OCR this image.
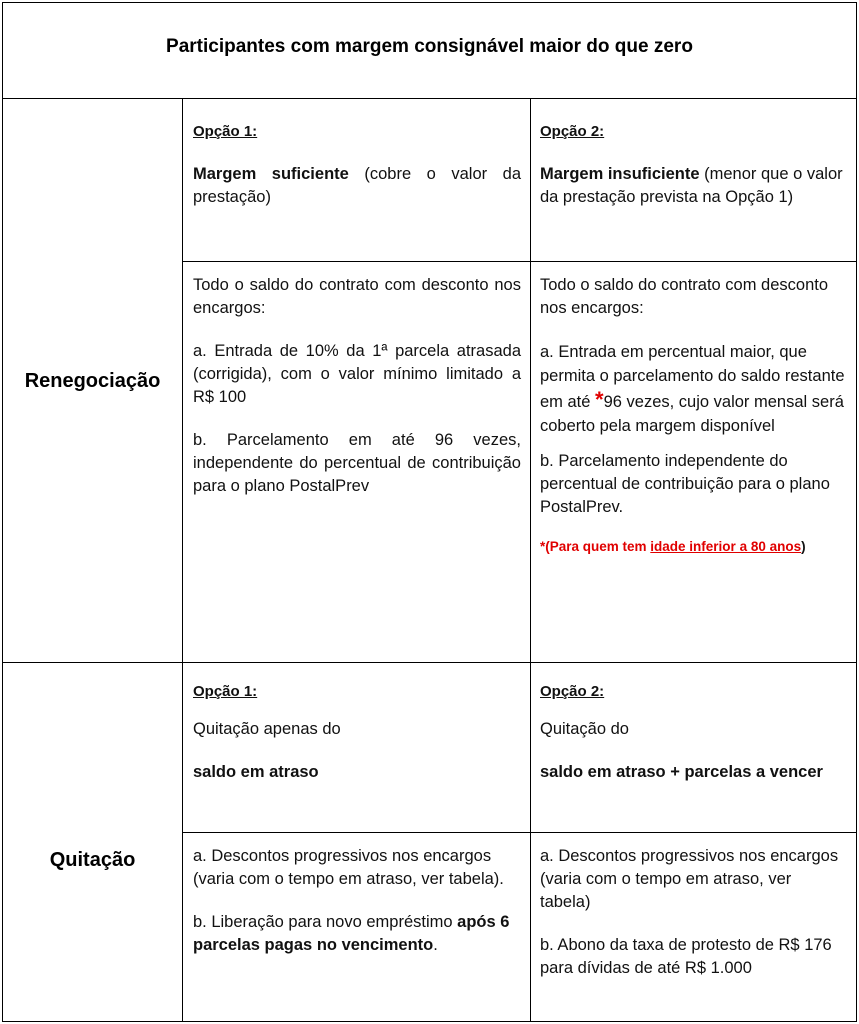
Participantes com margem consignável maior do que zero
Renegociação
Quitação

Opção 1:

Margem suficiente (cobre o valor da prestação)

Opção 2:

Margem insuficiente (menor que o valor da prestação prevista na Opção 1)

Todo o saldo do contrato com desconto nos encargos:

a. Entrada de 10% da 1ª parcela atrasada (corrigida), com o valor mínimo limitado a R$ 100

b. Parcelamento em até 96 vezes, independente do percentual de contribuição para o plano PostalPrev

Todo o saldo do contrato com desconto nos encargos:

a. Entrada em percentual maior, que permita o parcelamento do saldo restante em até *96 vezes, cujo valor mensal será coberto pela margem disponível

b. Parcelamento independente do percentual de contribuição para o plano PostalPrev.

*(Para quem tem idade inferior a 80 anos)

Opção 1:

Quitação apenas do

saldo em atraso

Opção 2:

Quitação do

saldo em atraso + parcelas a vencer

a. Descontos progressivos nos encargos (varia com o tempo em atraso, ver tabela).

b. Liberação para novo empréstimo após 6 parcelas pagas no vencimento.

a. Descontos progressivos nos encargos (varia com o tempo em atraso, ver tabela)

b. Abono da taxa de protesto de R$ 176 para dívidas de até R$ 1.000
